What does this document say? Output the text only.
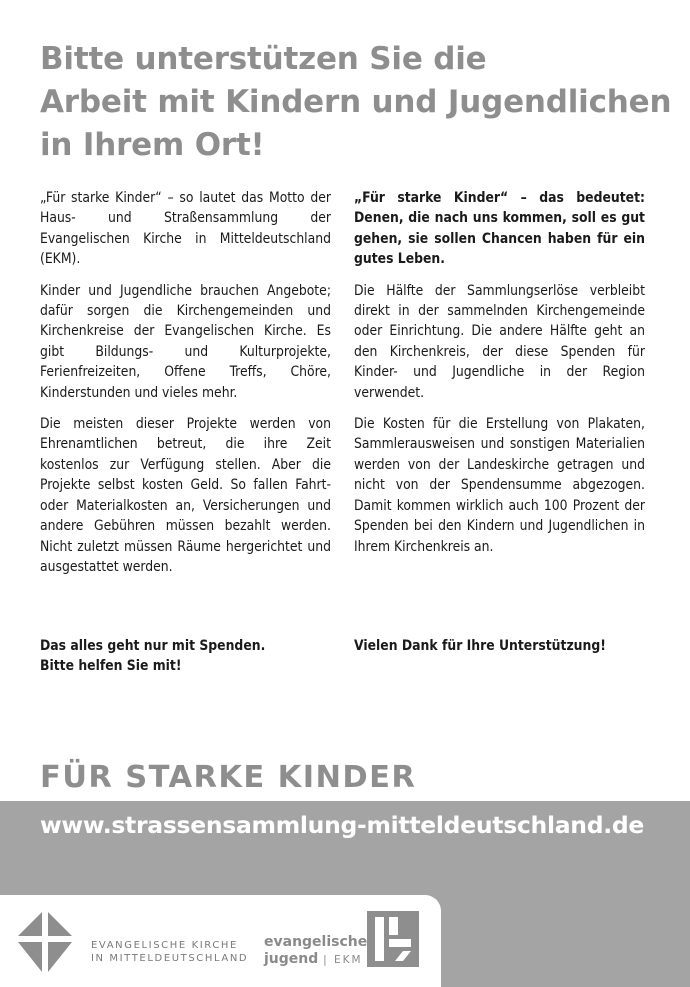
Bitte unterstützen Sie die
Arbeit mit Kindern und Jugendlichen
in Ihrem Ort!

„Für starke Kinder“ – so lautet das Motto der Haus- und Straßensammlung der Evangelischen Kirche in Mitteldeutschland (EKM).

Kinder und Jugendliche brauchen Angebote; dafür sorgen die Kirchengemeinden und Kirchenkreise der Evangelischen Kirche. Es gibt Bildungs- und Kulturprojekte, Ferienfreizeiten, Offene Treffs, Chöre, Kinderstunden und vieles mehr.

Die meisten dieser Projekte werden von Ehrenamtlichen betreut, die ihre Zeit kostenlos zur Verfügung stellen. Aber die Projekte selbst kosten Geld. So fallen Fahrt- oder Materialkosten an, Versicherungen und andere Gebühren müssen bezahlt werden. Nicht zuletzt müssen Räume hergerichtet und ausgestattet werden.

Das alles geht nur mit Spenden.
Bitte helfen Sie mit!

„Für starke Kinder“ – das bedeutet: Denen, die nach uns kommen, soll es gut gehen, sie sollen Chancen haben für ein gutes Leben.

Die Hälfte der Sammlungserlöse verbleibt direkt in der sammelnden Kirchengemeinde oder Einrichtung. Die andere Hälfte geht an den Kirchenkreis, der diese Spenden für Kinder- und Jugendliche in der Region verwendet.

Die Kosten für die Erstellung von Plakaten, Sammlerausweisen und sonstigen Materialien werden von der Landeskirche getragen und nicht von der Spendensumme abgezogen. Damit kommen wirklich auch 100 Prozent der Spenden bei den Kindern und Jugendlichen in Ihrem Kirchenkreis an.

Vielen Dank für Ihre Unterstützung!
FÜR STARKE KINDER
www.strassensammlung-mitteldeutschland.de
EVANGELISCHE KIRCHE
IN MITTELDEUTSCHLAND
evangelische
jugend | EKM
